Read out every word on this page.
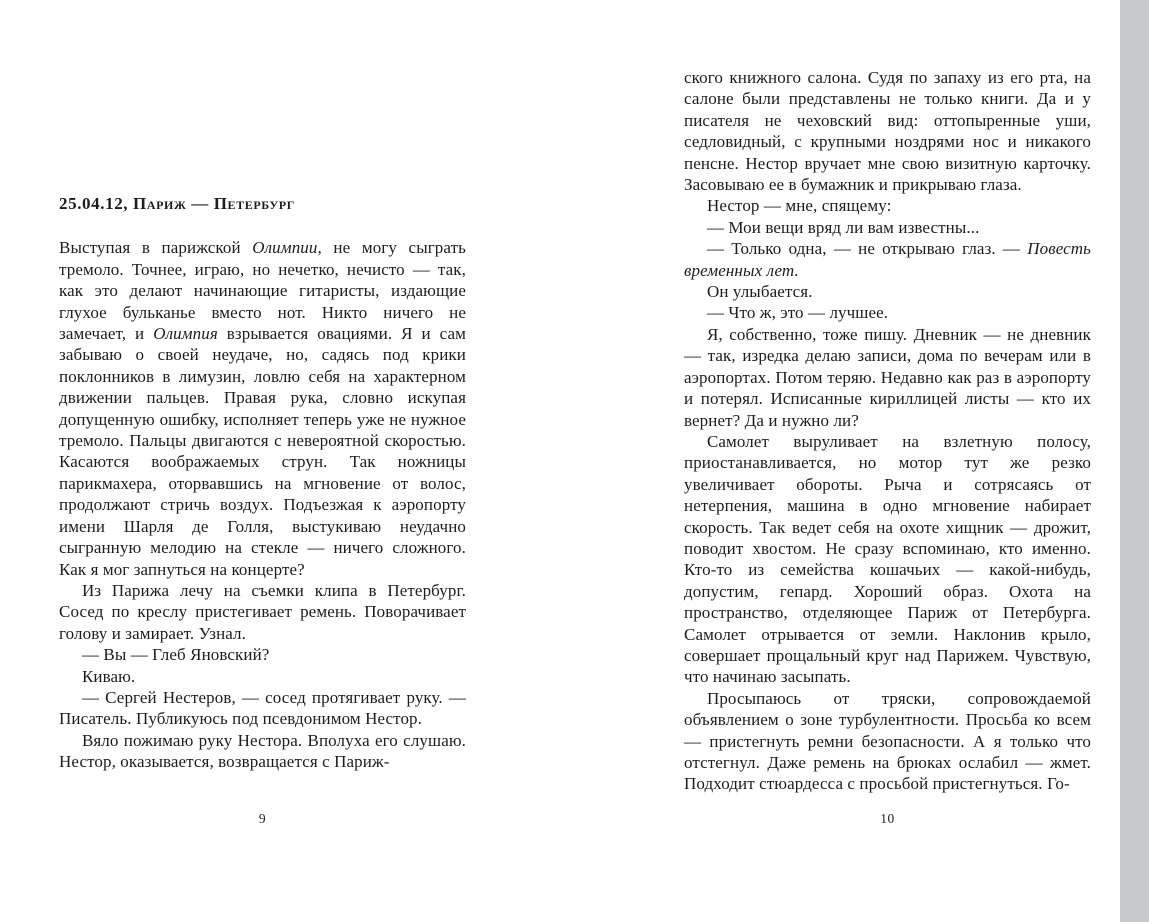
25.04.12, Париж — Петербург

Выступая в парижской Олимпии, не могу сыграть тремоло. Точнее, играю, но нечетко, нечисто — так, как это делают начинающие гитаристы, издающие глухое бульканье вместо нот. Никто ничего не замечает, и Олимпия взрывается овациями. Я и сам забываю о своей неудаче, но, садясь под крики поклонников в лимузин, ловлю себя на характерном движении пальцев. Правая рука, словно искупая допущенную ошибку, исполняет теперь уже не нужное тремоло. Пальцы двигаются с невероятной скоростью. Касаются воображаемых струн. Так ножницы парикмахера, оторвавшись на мгновение от волос, продолжают стричь воздух. Подъезжая к аэропорту имени Шарля де Голля, выстукиваю неудачно сыгранную мелодию на стекле — ничего сложного. Как я мог запнуться на концерте?

Из Парижа лечу на съемки клипа в Петербург. Сосед по креслу пристегивает ремень. Поворачивает голову и замирает. Узнал.

— Вы — Глеб Яновский?

Киваю.

— Сергей Нестеров, — сосед протягивает руку. — Писатель. Публикуюсь под псевдонимом Нестор.

Вяло пожимаю руку Нестора. Вполуха его слушаю. Нестор, оказывается, возвращается с Париж-

ского книжного салона. Судя по запаху из его рта, на салоне были представлены не только книги. Да и у писателя не чеховский вид: оттопыренные уши, седловидный, с крупными ноздрями нос и никакого пенсне. Нестор вручает мне свою визитную карточку. Засовываю ее в бумажник и прикрываю глаза.

Нестор — мне, спящему:

— Мои вещи вряд ли вам известны...

— Только одна, — не открываю глаз. — Повесть временных лет.

Он улыбается.

— Что ж, это — лучшее.

Я, собственно, тоже пишу. Дневник — не дневник — так, изредка делаю записи, дома по вечерам или в аэропортах. Потом теряю. Недавно как раз в аэропорту и потерял. Исписанные кириллицей листы — кто их вернет? Да и нужно ли?

Самолет выруливает на взлетную полосу, приостанавливается, но мотор тут же резко увеличивает обороты. Рыча и сотрясаясь от нетерпения, машина в одно мгновение набирает скорость. Так ведет себя на охоте хищник — дрожит, поводит хвостом. Не сразу вспоминаю, кто именно. Кто-то из семейства кошачьих — какой-нибудь, допустим, гепард. Хороший образ. Охота на пространство, отделяющее Париж от Петербурга. Самолет отрывается от земли. Наклонив крыло, совершает прощальный круг над Парижем. Чувствую, что начинаю засыпать.

Просыпаюсь от тряски, сопровождаемой объявлением о зоне турбулентности. Просьба ко всем — пристегнуть ремни безопасности. А я только что отстегнул. Даже ремень на брюках ослабил — жмет. Подходит стюардесса с просьбой пристегнуться. Го-

9	10
